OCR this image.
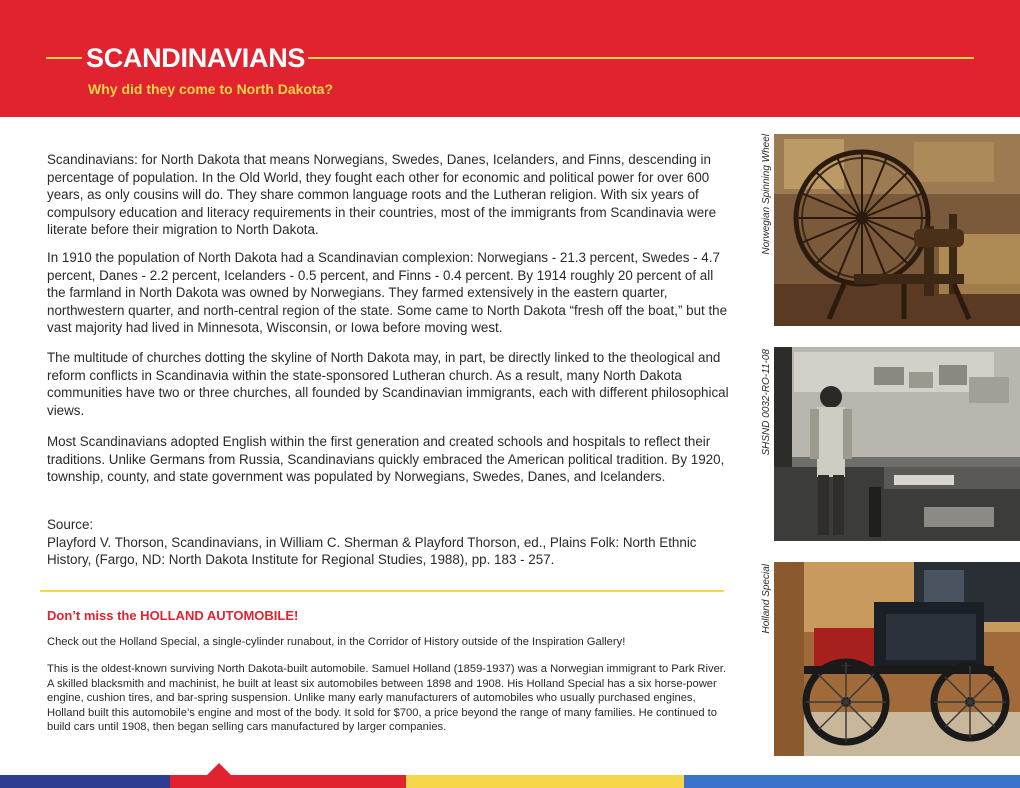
SCANDINAVIANS
Why did they come to North Dakota?

Scandinavians: for North Dakota that means Norwegians, Swedes, Danes, Icelanders, and Finns, descending in percentage of population. In the Old World, they fought each other for economic and political power for over 600 years, as only cousins will do. They share common language roots and the Lutheran religion. With six years of compulsory education and literacy requirements in their countries, most of the immigrants from Scandinavia were literate before their migration to North Dakota.

In 1910 the population of North Dakota had a Scandinavian complexion: Norwegians - 21.3 percent, Swedes - 4.7 percent, Danes - 2.2 percent, Icelanders - 0.5 percent, and Finns - 0.4 percent. By 1914 roughly 20 percent of all the farmland in North Dakota was owned by Norwegians. They farmed extensively in the eastern quarter, northwestern quarter, and north-central region of the state. Some came to North Dakota “fresh off the boat,” but the vast majority had lived in Minnesota, Wisconsin, or Iowa before moving west.

The multitude of churches dotting the skyline of North Dakota may, in part, be directly linked to the theological and reform conflicts in Scandinavia within the state-sponsored Lutheran church. As a result, many North Dakota communities have two or three churches, all founded by Scandinavian immigrants, each with different philosophical views.

Most Scandinavians adopted English within the first generation and created schools and hospitals to reflect their traditions. Unlike Germans from Russia, Scandinavians quickly embraced the American political tradition. By 1920, township, county, and state government was populated by Norwegians, Swedes, Danes, and Icelanders.

Source:
Playford V. Thorson, Scandinavians, in William C. Sherman & Playford Thorson, ed., Plains Folk: North Ethnic History, (Fargo, ND: North Dakota Institute for Regional Studies, 1988), pp. 183 - 257.

Don’t miss the HOLLAND AUTOMOBILE!

Check out the Holland Special, a single-cylinder runabout, in the Corridor of History outside of the Inspiration Gallery!

This is the oldest-known surviving North Dakota-built automobile. Samuel Holland (1859-1937) was a Norwegian immigrant to Park River. A skilled blacksmith and machinist, he built at least six automobiles between 1898 and 1908. His Holland Special has a six horse-power engine, cushion tires, and bar-spring suspension. Unlike many early manufacturers of automobiles who usually purchased engines, Holland built this automobile’s engine and most of the body. It sold for $700, a price beyond the range of many families. He continued to build cars until 1908, then began selling cars manufactured by larger companies.

Norwegian Spinning Wheel
SHSND 0032-RO-11-08
Holland Special
